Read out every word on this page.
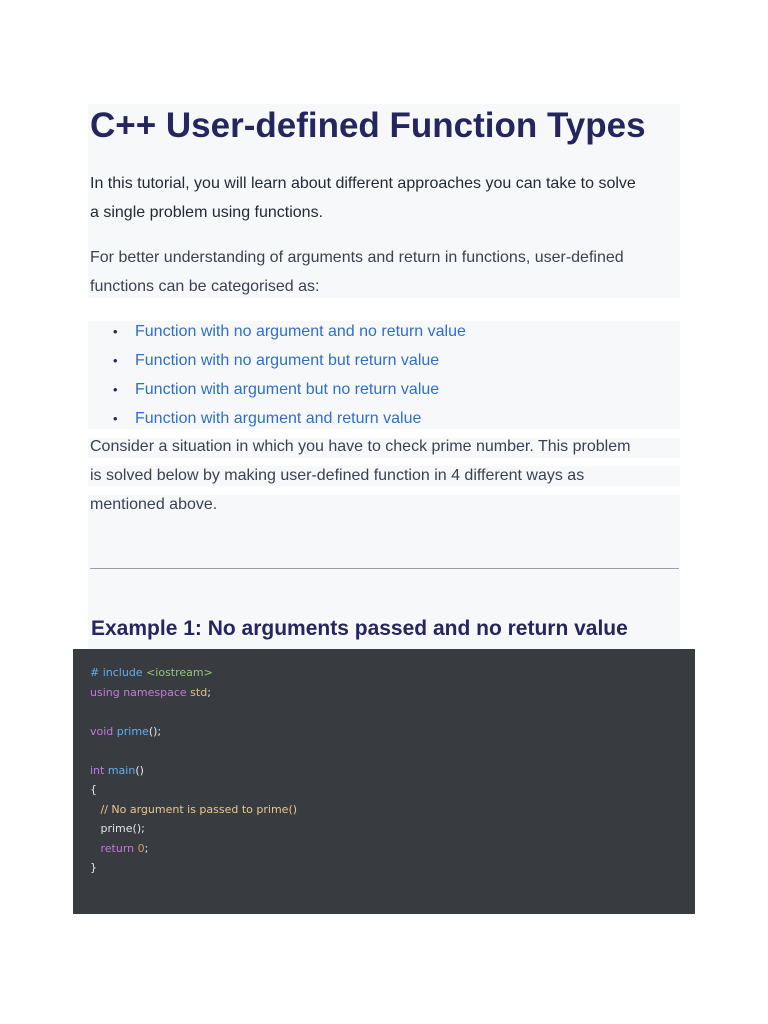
C++ User-defined Function Types

In this tutorial, you will learn about different approaches you can take to solve
a single problem using functions.

For better understanding of arguments and return in functions, user-defined
functions can be categorised as:

• Function with no argument and no return value
• Function with no argument but return value
• Function with argument but no return value
• Function with argument and return value

Consider a situation in which you have to check prime number. This problem
is solved below by making user-defined function in 4 different ways as
mentioned above.

Example 1: No arguments passed and no return value
# include <iostream>
using namespace std;

void prime();

int main()
{
// No argument is passed to prime()
prime();
return 0;
}
